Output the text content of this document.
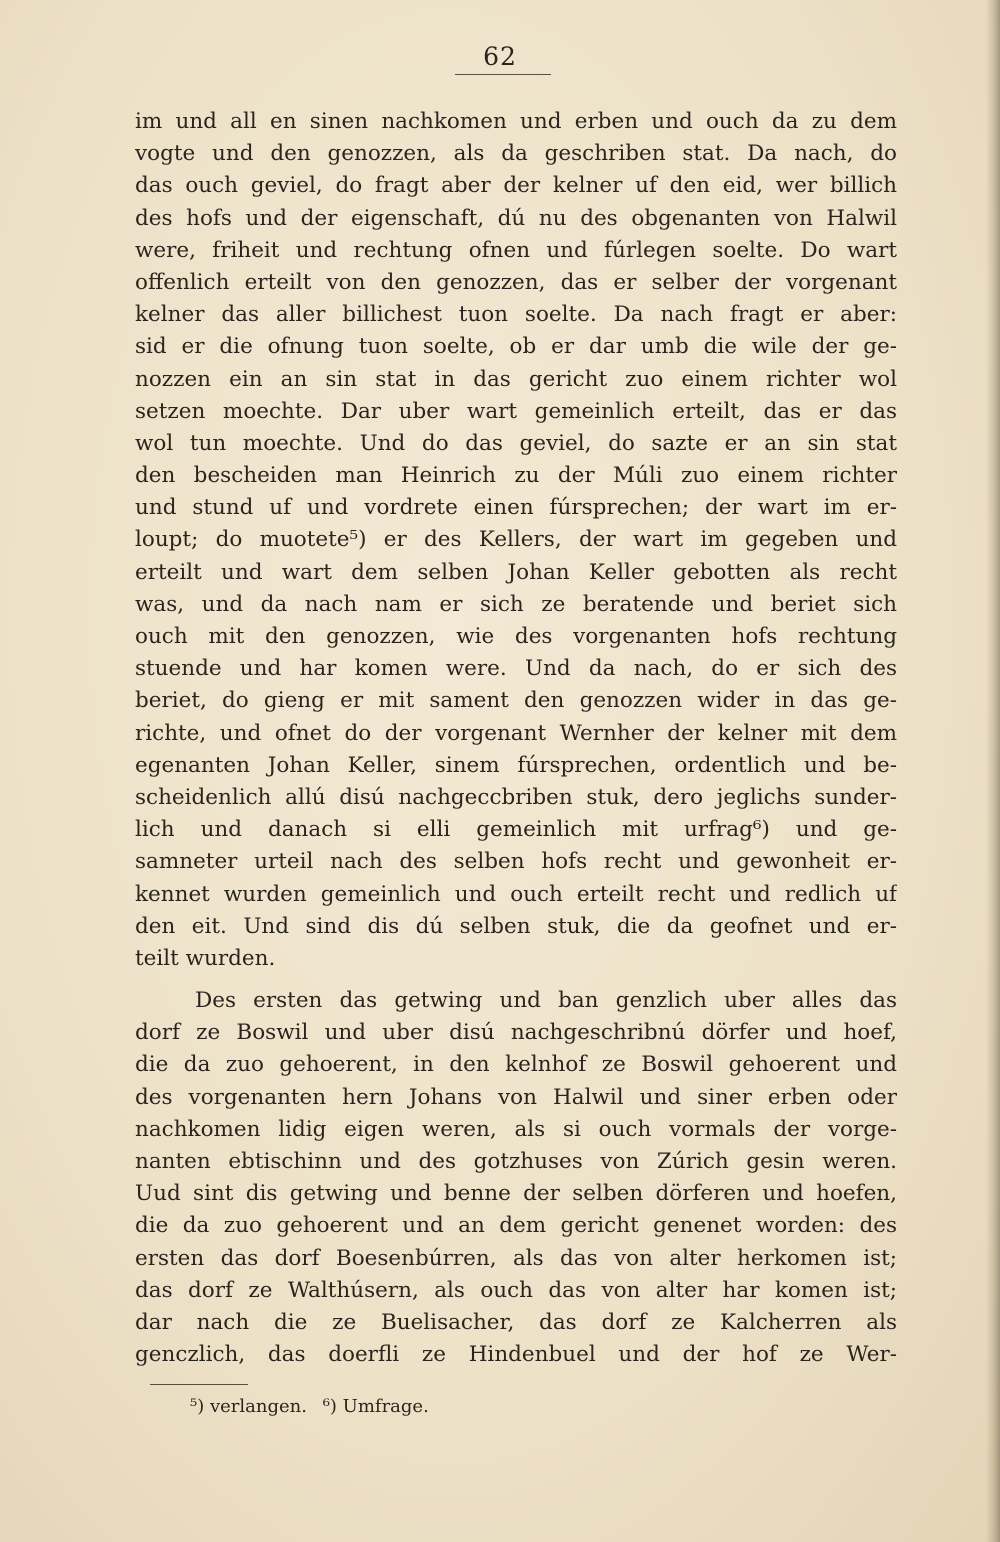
62
im und all en sinen nachkomen und erben und ouch da zu dem
vogte und den genozzen, als da geschriben stat. Da nach, do
das ouch geviel, do fragt aber der kelner uf den eid, wer billich
des hofs und der eigenschaft, dú nu des obgenanten von Halwil
were, friheit und rechtung ofnen und fúrlegen soelte. Do wart
offenlich erteilt von den genozzen, das er selber der vorgenant
kelner das aller billichest tuon soelte. Da nach fragt er aber:
sid er die ofnung tuon soelte, ob er dar umb die wile der ge-
nozzen ein an sin stat in das gericht zuo einem richter wol
setzen moechte. Dar uber wart gemeinlich erteilt, das er das
wol tun moechte. Und do das geviel, do sazte er an sin stat
den bescheiden man Heinrich zu der Múli zuo einem richter
und stund uf und vordrete einen fúrsprechen; der wart im er-
loupt; do muotete⁵) er des Kellers, der wart im gegeben und
erteilt und wart dem selben Johan Keller gebotten als recht
was, und da nach nam er sich ze beratende und beriet sich
ouch mit den genozzen, wie des vorgenanten hofs rechtung
stuende und har komen were. Und da nach, do er sich des
beriet, do gieng er mit sament den genozzen wider in das ge-
richte, und ofnet do der vorgenant Wernher der kelner mit dem
egenanten Johan Keller, sinem fúrsprechen, ordentlich und be-
scheidenlich allú disú nachgeccbriben stuk, dero jeglichs sunder-
lich und danach si elli gemeinlich mit urfrag⁶) und ge-
samneter urteil nach des selben hofs recht und gewonheit er-
kennet wurden gemeinlich und ouch erteilt recht und redlich uf
den eit. Und sind dis dú selben stuk, die da geofnet und er-
teilt wurden.
Des ersten das getwing und ban genzlich uber alles das
dorf ze Boswil und uber disú nachgeschribnú dörfer und hoef,
die da zuo gehoerent, in den kelnhof ze Boswil gehoerent und
des vorgenanten hern Johans von Halwil und siner erben oder
nachkomen lidig eigen weren, als si ouch vormals der vorge-
nanten ebtischinn und des gotzhuses von Zúrich gesin weren.
Uud sint dis getwing und benne der selben dörferen und hoefen,
die da zuo gehoerent und an dem gericht genenet worden: des
ersten das dorf Boesenbúrren, als das von alter herkomen ist;
das dorf ze Walthúsern, als ouch das von alter har komen ist;
dar nach die ze Buelisacher, das dorf ze Kalcherren als
genczlich, das doerfli ze Hindenbuel und der hof ze Wer-
⁵) verlangen. ⁶) Umfrage.
